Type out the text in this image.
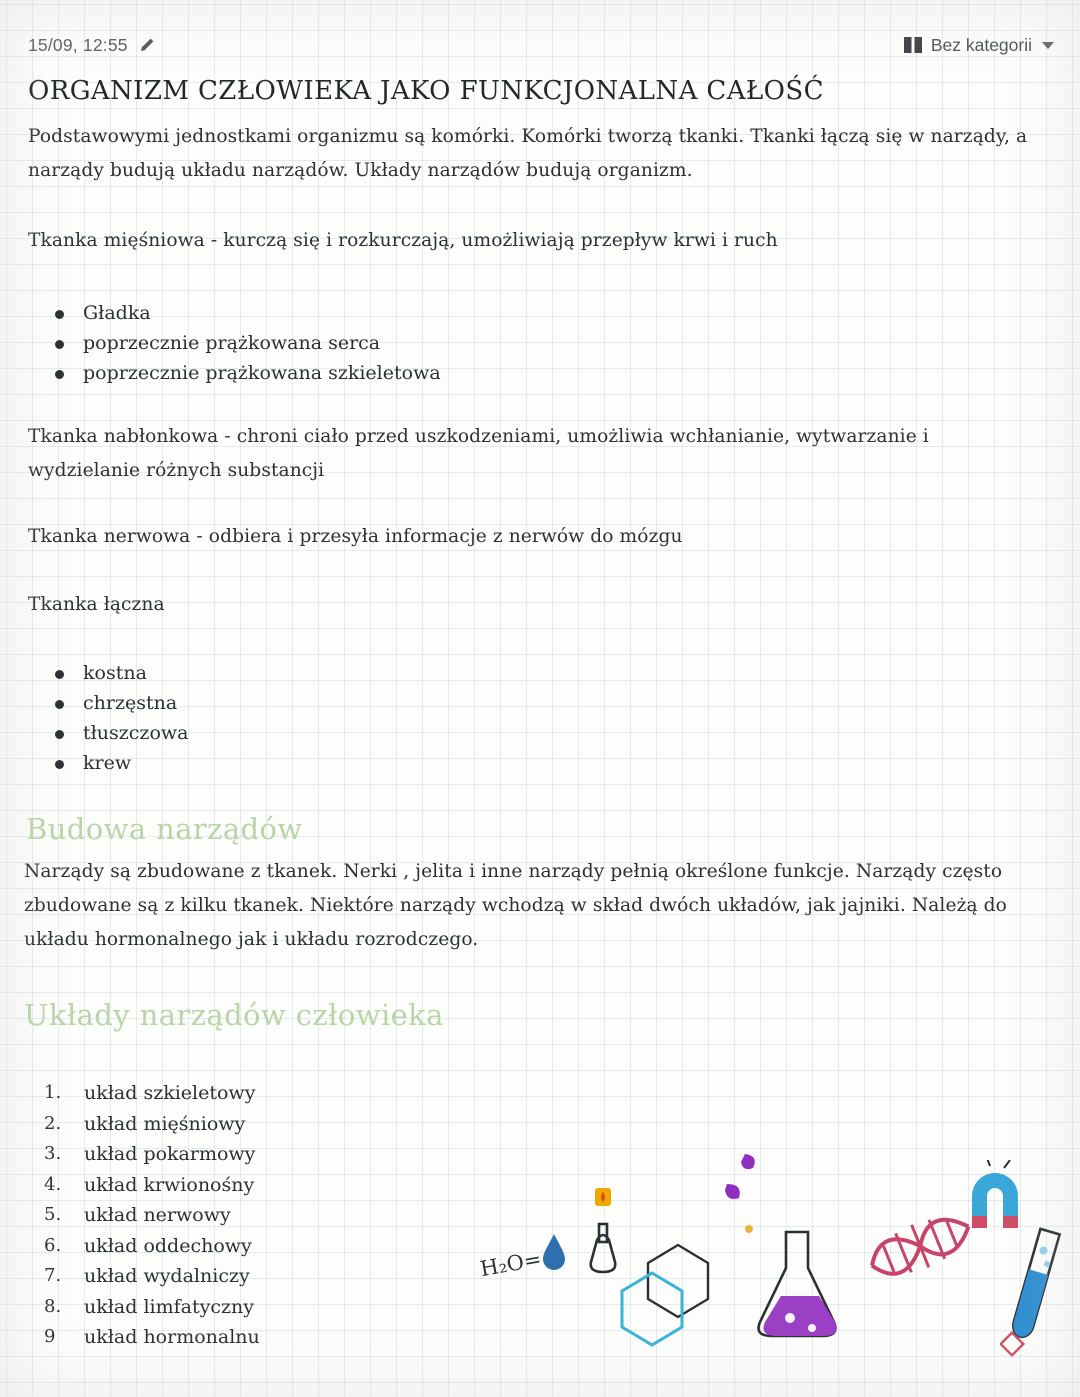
15/09, 12:55	Bez kategorii
ORGANIZM CZŁOWIEKA JAKO FUNKCJONALNA CAŁOŚĆ
Podstawowymi jednostkami organizmu są komórki. Komórki tworzą tkanki. Tkanki łączą się w narządy, a narządy budują układu narządów. Układy narządów budują organizm.
Tkanka mięśniowa - kurczą się i rozkurczają, umożliwiają przepływ krwi i ruch
Gładka
poprzecznie prążkowana serca
poprzecznie prążkowana szkieletowa
Tkanka nabłonkowa - chroni ciało przed uszkodzeniami, umożliwia wchłanianie, wytwarzanie i wydzielanie różnych substancji
Tkanka nerwowa - odbiera i przesyła informacje z nerwów do mózgu
Tkanka łączna
kostna
chrzęstna
tłuszczowa
krew
Budowa narządów
Narządy są zbudowane z tkanek. Nerki , jelita i inne narządy pełnią określone funkcje. Narządy często zbudowane są z kilku tkanek. Niektóre narządy wchodzą w skład dwóch układów, jak jajniki. Należą do układu hormonalnego jak i układu rozrodczego.
Układy narządów człowieka
1.	układ szkieletowy
2.	układ mięśniowy
3.	układ pokarmowy
4.	układ krwionośny
5.	układ nerwowy
6.	układ oddechowy
7.	układ wydalniczy
8.	układ limfatyczny
9	układ hormonalnu
H₂O=
